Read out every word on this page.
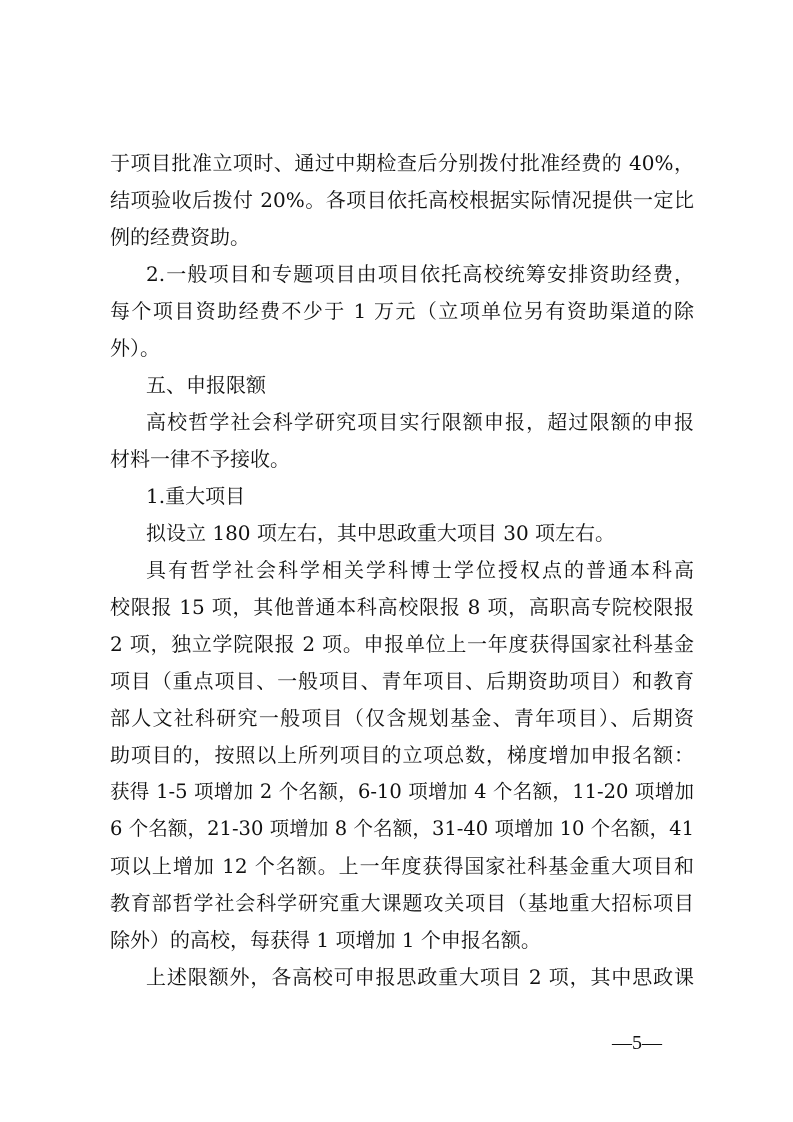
于项目批准立项时、通过中期检查后分别拨付批准经费的 40%，
结项验收后拨付 20%。各项目依托高校根据实际情况提供一定比
例的经费资助。
2.一般项目和专题项目由项目依托高校统筹安排资助经费，
每个项目资助经费不少于 1 万元（立项单位另有资助渠道的除
外）。
五、申报限额
高校哲学社会科学研究项目实行限额申报，超过限额的申报
材料一律不予接收。
1.重大项目
拟设立 180 项左右，其中思政重大项目 30 项左右。
具有哲学社会科学相关学科博士学位授权点的普通本科高
校限报 15 项，其他普通本科高校限报 8 项，高职高专院校限报
2 项，独立学院限报 2 项。申报单位上一年度获得国家社科基金
项目（重点项目、一般项目、青年项目、后期资助项目）和教育
部人文社科研究一般项目（仅含规划基金、青年项目）、后期资
助项目的，按照以上所列项目的立项总数，梯度增加申报名额：
获得 1-5 项增加 2 个名额，6-10 项增加 4 个名额，11-20 项增加
6 个名额，21-30 项增加 8 个名额，31-40 项增加 10 个名额，41
项以上增加 12 个名额。上一年度获得国家社科基金重大项目和
教育部哲学社会科学研究重大课题攻关项目（基地重大招标项目
除外）的高校，每获得 1 项增加 1 个申报名额。
上述限额外，各高校可申报思政重大项目 2 项，其中思政课
—5—
